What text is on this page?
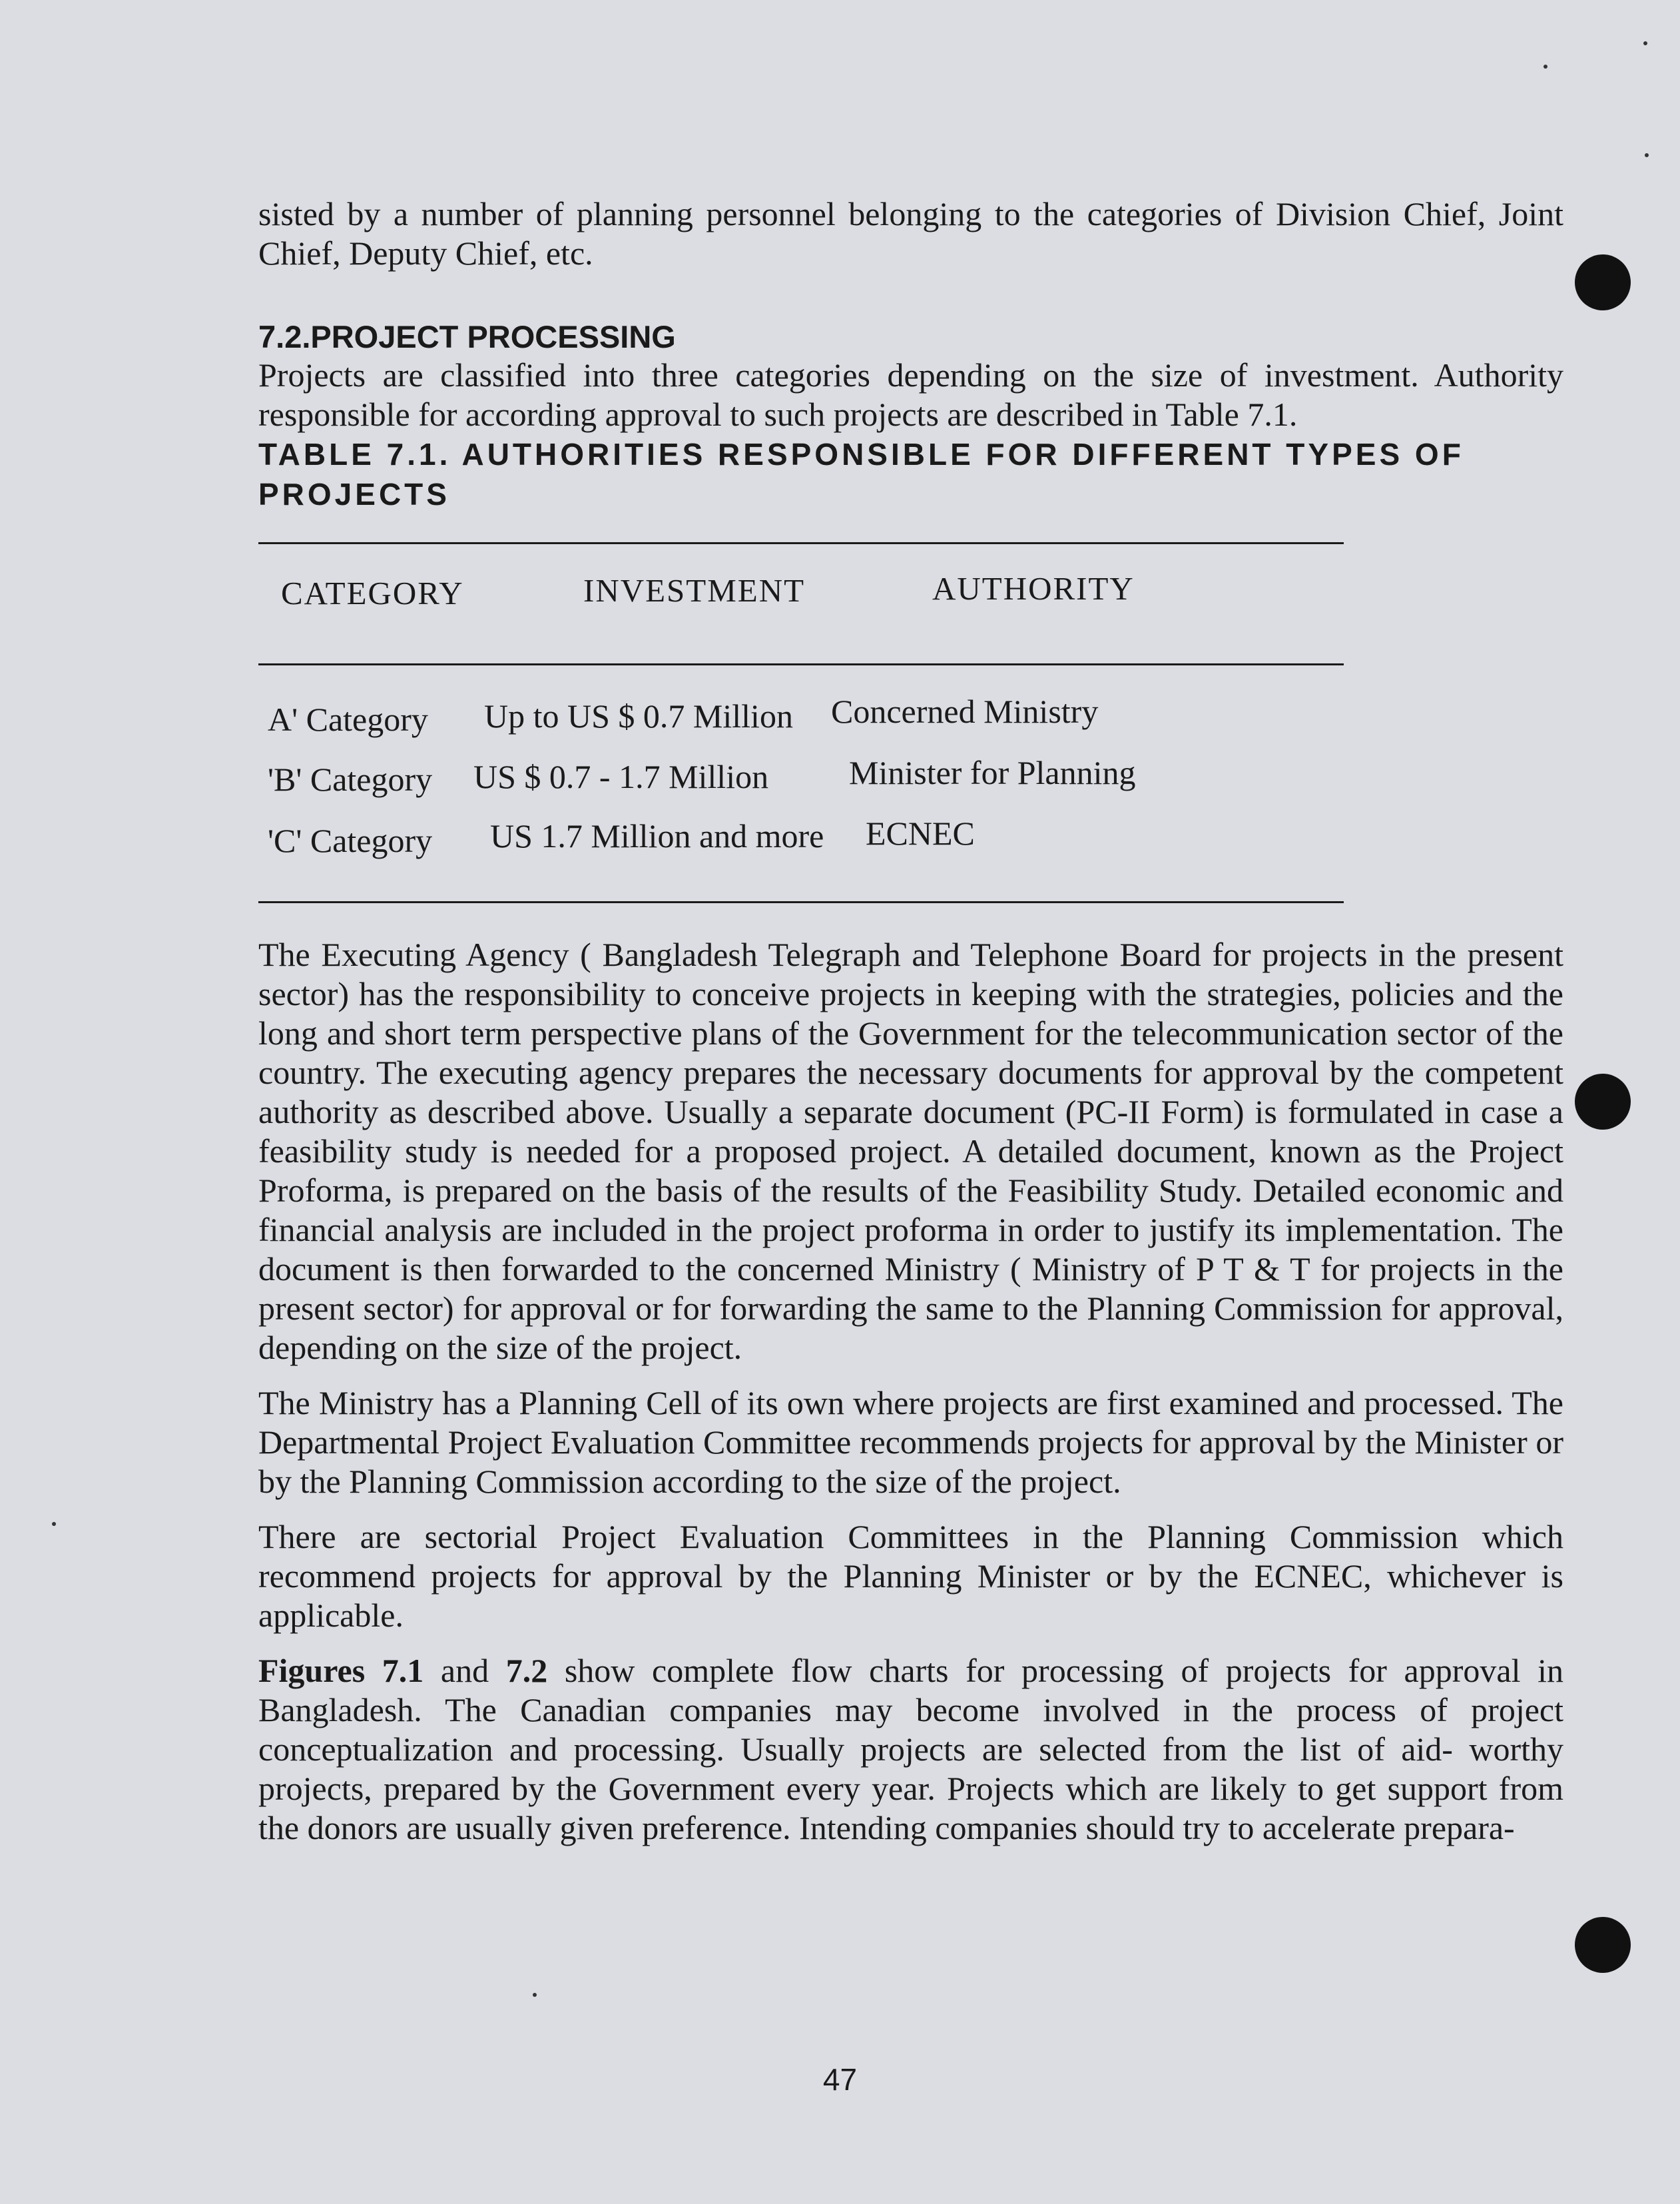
sisted by a number of planning personnel belonging to the categories of Division Chief, Joint Chief, Deputy Chief, etc.

7.2.PROJECT PROCESSING

Projects are classified into three categories depending on the size of investment. Authority responsible for according approval to such projects are described in Table 7.1.

TABLE 7.1. AUTHORITIES RESPONSIBLE FOR DIFFERENT TYPES OF PROJECTS

CATEGORY	INVESTMENT	AUTHORITY
A' Category Up to US $ 0.7 Million Concerned Ministry
'B' Category US $ 0.7 - 1.7 Million Minister for Planning
'C' Category US 1.7 Million and more ECNEC

The Executing Agency ( Bangladesh Telegraph and Telephone Board for projects in the present sector) has the responsibility to conceive projects in keeping with the strategies, policies and the long and short term perspective plans of the Government for the telecommunication sector of the country. The executing agency prepares the necessary documents for approval by the competent authority as described above. Usually a separate document (PC-II Form) is formulated in case a feasibility study is needed for a proposed project. A detailed document, known as the Project Proforma, is prepared on the basis of the results of the Feasibility Study. Detailed economic and financial analysis are included in the project proforma in order to justify its implementation. The document is then forwarded to the concerned Ministry ( Ministry of P T & T for projects in the present sector) for approval or for forwarding the same to the Planning Commission for approval, depending on the size of the project.

The Ministry has a Planning Cell of its own where projects are first examined and processed. The Departmental Project Evaluation Committee recommends projects for approval by the Minister or by the Planning Commission according to the size of the project.

There are sectorial Project Evaluation Committees in the Planning Commission which recommend projects for approval by the Planning Minister or by the ECNEC, whichever is applicable.

Figures 7.1 and 7.2 show complete flow charts for processing of projects for approval in Bangladesh. The Canadian companies may become involved in the process of project conceptualization and processing. Usually projects are selected from the list of aid- worthy projects, prepared by the Government every year. Projects which are likely to get support from the donors are usually given preference. Intending companies should try to accelerate prepara-

47
